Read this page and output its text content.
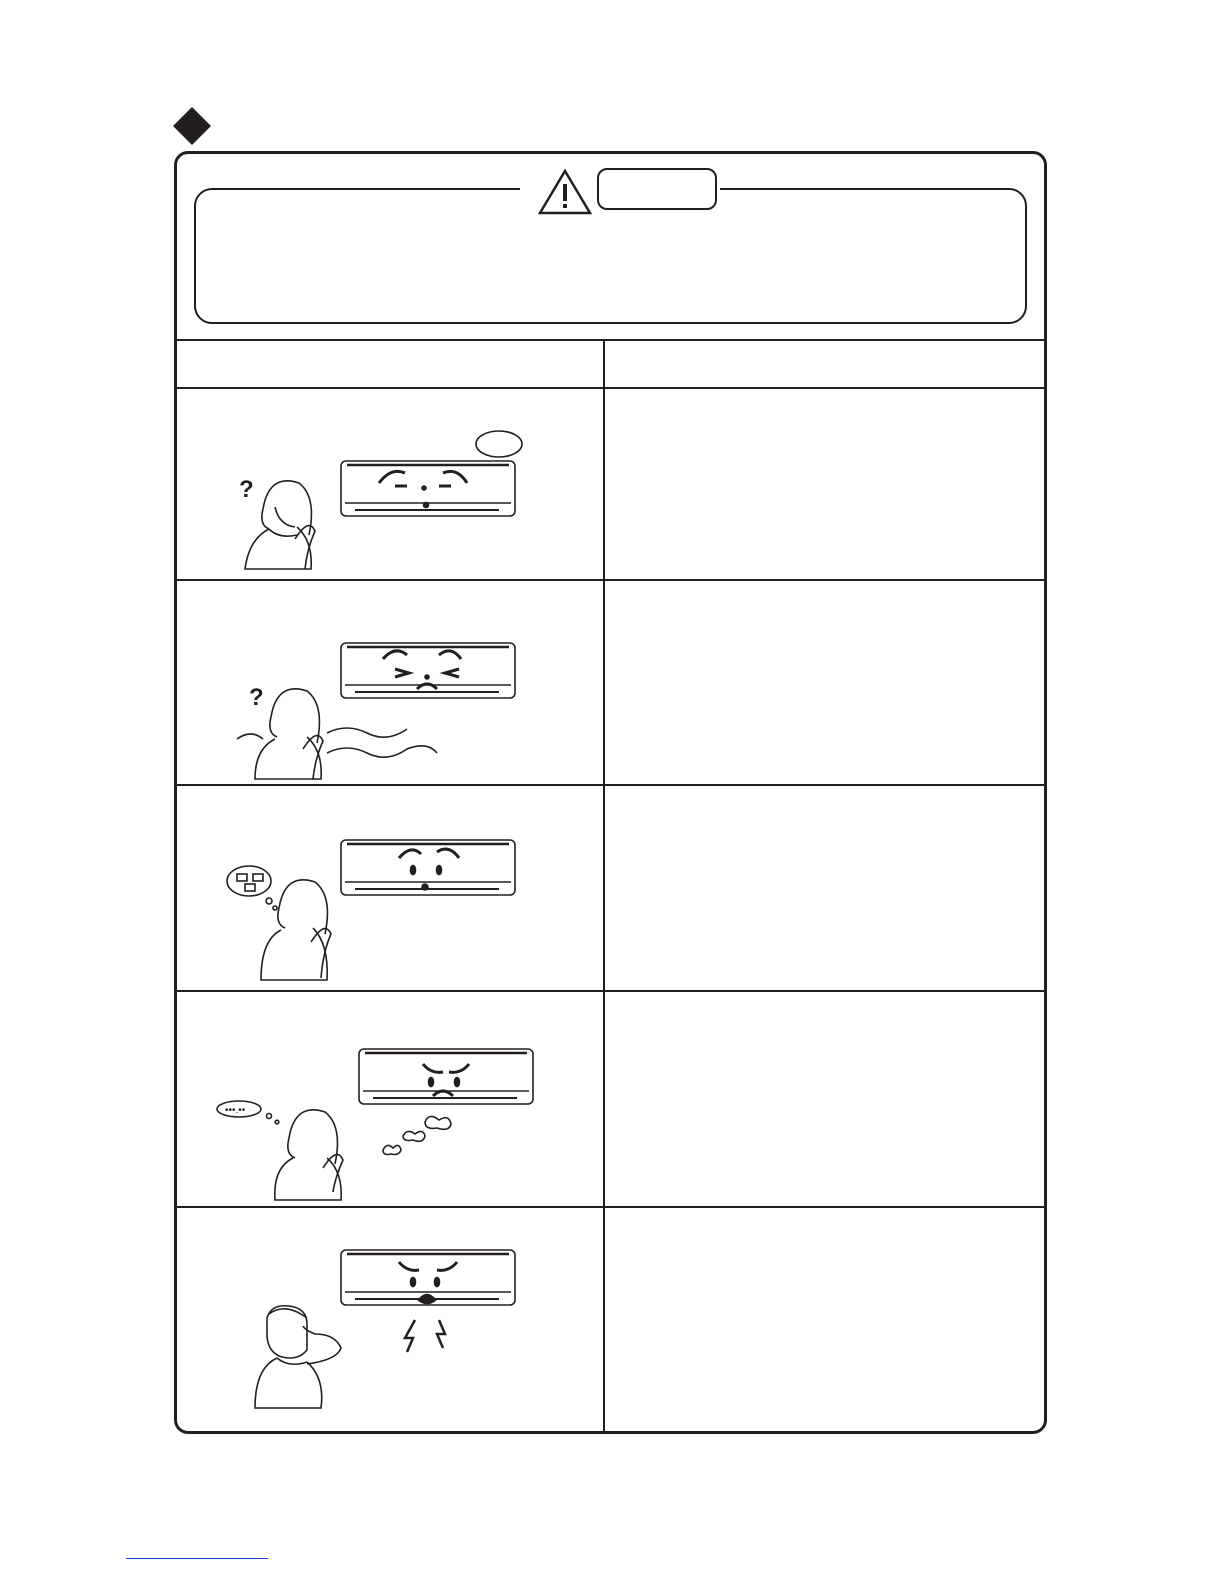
?
?
•••.••
